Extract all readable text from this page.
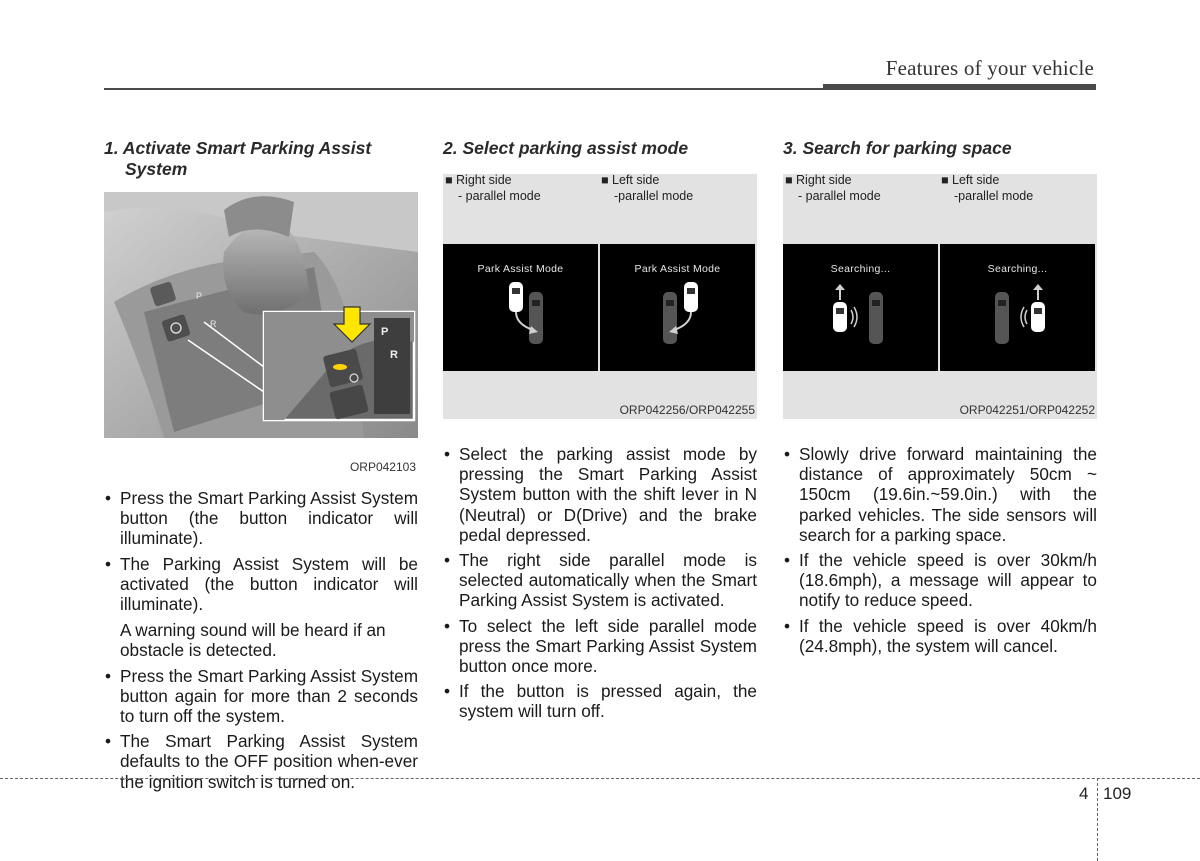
Features of your vehicle
1. Activate Smart Parking Assist
System
P
R
P
R
ORP042103
• Press the Smart Parking Assist System button (the button indicator will illuminate).
• The Parking Assist System will be activated (the button indicator will illuminate).
A warning sound will be heard if an obstacle is detected.
• Press the Smart Parking Assist System button again for more than 2 seconds to turn off the system.
• The Smart Parking Assist System defaults to the OFF position when-ever the ignition switch is turned on.
2. Select parking assist mode
■ Right side
- parallel mode
■ Left side
-parallel mode
Park Assist Mode	Park Assist Mode
ORP042256/ORP042255
• Select the parking assist mode by pressing the Smart Parking Assist System button with the shift lever in N (Neutral) or D(Drive) and the brake pedal depressed.
• The right side parallel mode is selected automatically when the Smart Parking Assist System is activated.
• To select the left side parallel mode press the Smart Parking Assist System button once more.
• If the button is pressed again, the system will turn off.
3. Search for parking space
■ Right side
- parallel mode
■ Left side
-parallel mode
Searching...	Searching...
ORP042251/ORP042252
• Slowly drive forward maintaining the distance of approximately 50cm ~ 150cm (19.6in.~59.0in.) with the parked vehicles. The side sensors will search for a parking space.
• If the vehicle speed is over 30km/h (18.6mph), a message will appear to notify to reduce speed.
• If the vehicle speed is over 40km/h (24.8mph), the system will cancel.
4 109
